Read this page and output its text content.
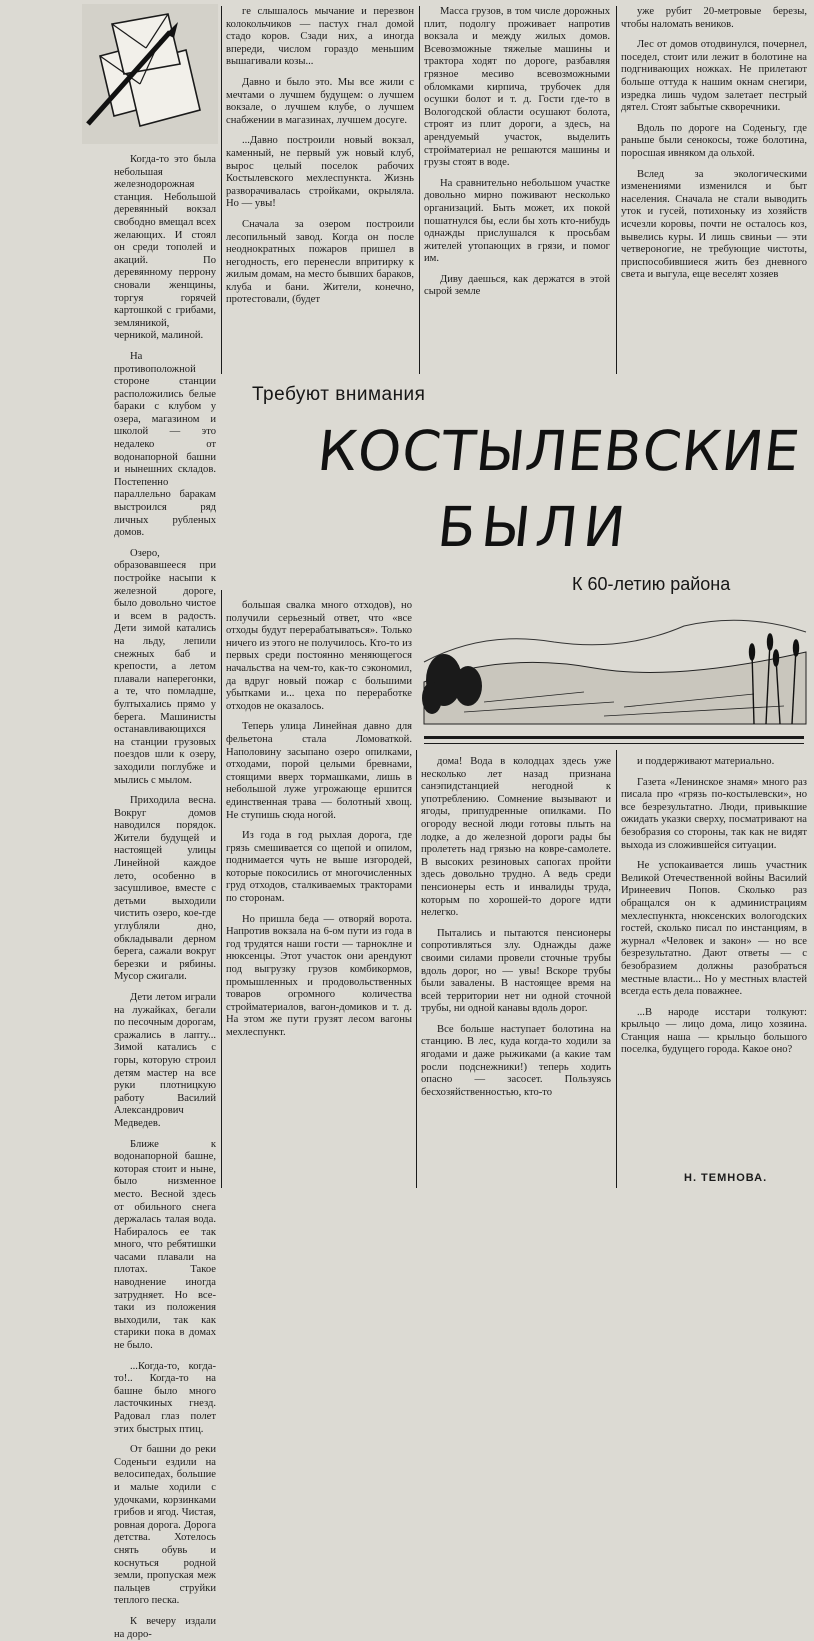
Когда-то это была небольшая железнодорожная станция. Небольшой деревянный вокзал свободно вмещал всех желающих. И стоял он среди тополей и акаций. По деревянному перрону сновали женщины, торгуя горячей картошкой с грибами, земляникой, черникой, малиной.

На противоположной стороне станции расположились белые бараки с клубом у озера, магазином и школой — это недалеко от водонапорной башни и нынешних складов. Постепенно параллельно баракам выстроился ряд личных рубленых домов.

Озеро, образовавшееся при постройке насыпи к железной дороге, было довольно чистое и всем в радость. Дети зимой катались на льду, лепили снежных баб и крепости, а летом плавали наперегонки, а те, что помладше, бултыхались прямо у берега. Машинисты останавливающихся на станции грузовых поездов шли к озеру, заходили поглубже и мылись с мылом.

Приходила весна. Вокруг домов наводился порядок. Жители будущей и настоящей улицы Линейной каждое лето, особенно в засушливое, вместе с детьми выходили чистить озеро, кое-где углубляли дно, обкладывали дерном берега, сажали вокруг березки и рябины. Мусор сжигали.

Дети летом играли на лужайках, бегали по песочным дорогам, сражались в лапту... Зимой катались с горы, которую строил детям мастер на все руки плотницкую работу Василий Александрович Медведев.

Ближе к водонапорной башне, которая стоит и ныне, было низменное место. Весной здесь от обильного снега держалась талая вода. Набиралось ее так много, что ребятишки часами плавали на плотах. Такое наводнение иногда затрудняет. Но все-таки из положения выходили, так как старики пока в домах не было.

...Когда-то, когда-то!.. Когда-то на башне было много ласточкиных гнезд. Радовал глаз полет этих быстрых птиц.

От башни до реки Соденьги ездили на велосипедах, большие и малые ходили с удочками, корзинками грибов и ягод. Чистая, ровная дорога. Дорога детства. Хотелось снять обувь и коснуться родной земли, пропуская меж пальцев струйки теплого песка.

К вечеру издали на доро-

ге слышалось мычание и перезвон колокольчиков — пастух гнал домой стадо коров. Сзади них, а иногда впереди, числом гораздо меньшим вышагивали козы...

Давно и было это. Мы все жили с мечтами о лучшем будущем: о лучшем вокзале, о лучшем клубе, о лучшем снабжении в магазинах, лучшем досуге.

...Давно построили новый вокзал, каменный, не первый уж новый клуб, вырос целый поселок рабочих Костылевского мехлеспункта. Жизнь разворачивалась стройками, окрыляла. Но — увы!

Сначала за озером построили лесопильный завод. Когда он после неоднократных пожаров пришел в негодность, его перенесли впритирку к жилым домам, на место бывших бараков, клуба и бани. Жители, конечно, протестовали, (будет

Масса грузов, в том числе дорожных плит, подолгу проживает напротив вокзала и между жилых домов. Всевозможные тяжелые машины и трактора ходят по дороге, разбавляя грязное месиво всевозможными обломками кирпича, трубочек для осушки болот и т. д. Гости где-то в Вологодской области осушают болота, строят из плит дороги, а здесь, на арендуемый участок, выделить стройматериал не решаются машины и грузы стоят в воде.

На сравнительно небольшом участке довольно мирно поживают несколько организаций. Быть может, их покой пошатнулся бы, если бы хоть кто-нибудь однажды прислушался к просьбам жителей утопающих в грязи, и помог им.

Диву даешься, как держатся в этой сырой земле

уже рубит 20-метровые березы, чтобы наломать веников.

Лес от домов отодвинулся, почернел, поседел, стоит или лежит в болотине на подгнивающих ножках. Не прилетают больше оттуда к нашим окнам снегири, изредка лишь чудом залетает пестрый дятел. Стоят забытые скворечники.

Вдоль по дороге на Соденьгу, где раньше были сенокосы, тоже болотина, поросшая ивняком да ольхой.

Вслед за экологическими изменениями изменился и быт населения. Сначала не стали выводить уток и гусей, потихоньку из хозяйств исчезли коровы, почти не осталось коз, вывелись куры. И лишь свиньи — эти четвероногие, не требующие чистоты, приспособившиеся жить без дневного света и выгула, еще веселят хозяев

большая свалка много отходов), но получили серьезный ответ, что «все отходы будут перерабатываться». Только ничего из этого не получилось. Кто-то из первых среди постоянно меняющегося начальства на чем-то, как-то сэкономил, да вдруг новый пожар с большими убытками и... цеха по переработке отходов не оказалось.

Теперь улица Линейная давно для фельетона стала Ломоваткой. Наполовину засыпано озеро опилками, отходами, порой целыми бревнами, стоящими вверх тормашками, лишь в небольшой луже угрожающе ершится единственная трава — болотный хвощ. Не ступишь сюда ногой.

Из года в год рыхлая дорога, где грязь смешивается со щепой и опилом, поднимается чуть не выше изгородей, которые покосились от многочисленных груд отходов, сталкиваемых тракторами по сторонам.

Но пришла беда — отворяй ворота. Напротив вокзала на 6-ом пути из года в год трудятся наши гости — тарноклне и нюксенцы. Этот участок они арендуют под выгрузку грузов комбикормов, промышленных и продовольственных товаров огромного количества стройматериалов, вагон-домиков и т. д. На этом же пути грузят лесом вагоны мехлеспункт.

дома! Вода в колодцах здесь уже несколько лет назад признана санэпидстанцией негодной к употреблению. Сомнение вызывают и ягоды, припудренные опилками. По огороду весной люди готовы плыть на лодке, а до железной дороги рады бы пролететь над грязью на ковре-самолете. В высоких резиновых сапогах пройти здесь довольно трудно. А ведь среди пенсионеры есть и инвалиды труда, которым по хорошей-то дороге идти нелегко.

Пытались и пытаются пенсионеры сопротивляться злу. Однажды даже своими силами провели сточные трубы вдоль дорог, но — увы! Вскоре трубы были завалены. В настоящее время на всей территории нет ни одной сточной трубы, ни одной канавы вдоль дорог.

Все больше наступает болотина на станцию. В лес, куда когда-то ходили за ягодами и даже рыжиками (а какие там росли подснежники!) теперь ходить опасно — засосет. Пользуясь бесхозяйственностью, кто-то

и поддерживают материально.

Газета «Ленинское знамя» много раз писала про «грязь по-костылевски», но все безрезультатно. Люди, привыкшие ожидать указки сверху, посматривают на безобразия со стороны, так как не видят выхода из сложившейся ситуации.

Не успокаивается лишь участник Великой Отечественной войны Василий Иринеевич Попов. Сколько раз обращался он к администрациям мехлеспункта, нюксенских вологодских гостей, сколько писал по инстанциям, в журнал «Человек и закон» — но все безрезультатно. Дают ответы — с безобразием должны разобраться местные власти... Но у местных властей всегда есть дела поважнее.

...В народе исстари толкуют: крыльцо — лицо дома, лицо хозяина. Станция наша — крыльцо большого поселка, будущего города. Какое оно?

Требуют внимания
КОСТЫЛЕВСКИЕ
БЫЛИ
К 60-летию района
Н. ТЕМНОВА.
